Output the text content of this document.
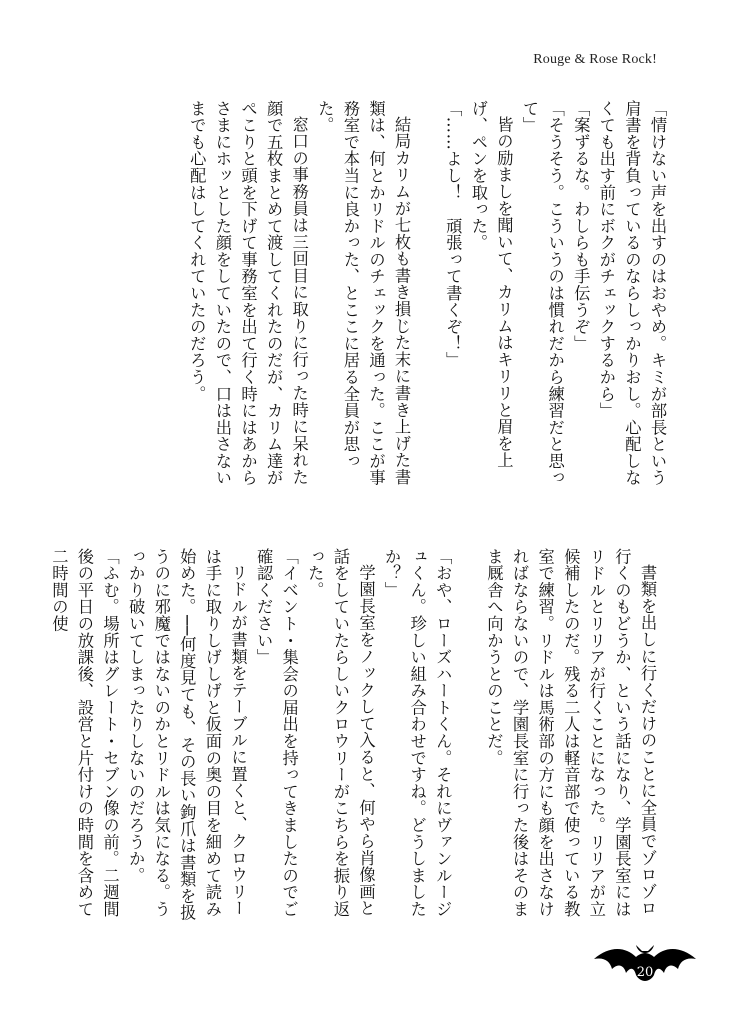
Rouge & Rose Rock!

「情けない声を出すのはおやめ。キミが部長という肩書を背負っているのならしっかりおし。心配しなくても出す前にボクがチェックするから」

「案ずるな。わしらも手伝うぞ」

「そうそう。こういうのは慣れだから練習だと思って」

皆の励ましを聞いて、カリムはキリリと眉を上げ、ペンを取った。

「……よし！　頑張って書くぞ！」

結局カリムが七枚も書き損じた末に書き上げた書類は、何とかリドルのチェックを通った。ここが事務室で本当に良かった、とここに居る全員が思った。

窓口の事務員は三回目に取りに行った時に呆れた顔で五枚まとめて渡してくれたのだが、カリム達がぺこりと頭を下げて事務室を出て行く時にはあからさまにホッとした顔をしていたので、口は出さないまでも心配はしてくれていたのだろう。

書類を出しに行くだけのことに全員でゾロゾロ行くのもどうか、という話になり、学園長室にはリドルとリリアが行くことになった。リリアが立候補したのだ。残る二人は軽音部で使っている教室で練習。リドルは馬術部の方にも顔を出さなければならないので、学園長室に行った後はそのまま厩舎へ向かうとのことだ。

「おや、ローズハートくん。それにヴァンルージュくん。珍しい組み合わせですね。どうしましたか？」

学園長室をノックして入ると、何やら肖像画と話をしていたらしいクロウリーがこちらを振り返った。

「イベント・集会の届出を持ってきましたのでご確認ください」

リドルが書類をテーブルに置くと、クロウリーは手に取りしげしげと仮面の奥の目を細めて読み始めた。──何度見ても、その長い鉤爪は書類を扱うのに邪魔ではないのかとリドルは気になる。うっかり破いてしまったりしないのだろうか。

「ふむ。場所はグレート・セブン像の前。二週間後の平日の放課後、設営と片付けの時間を含めて二時間の使

20
